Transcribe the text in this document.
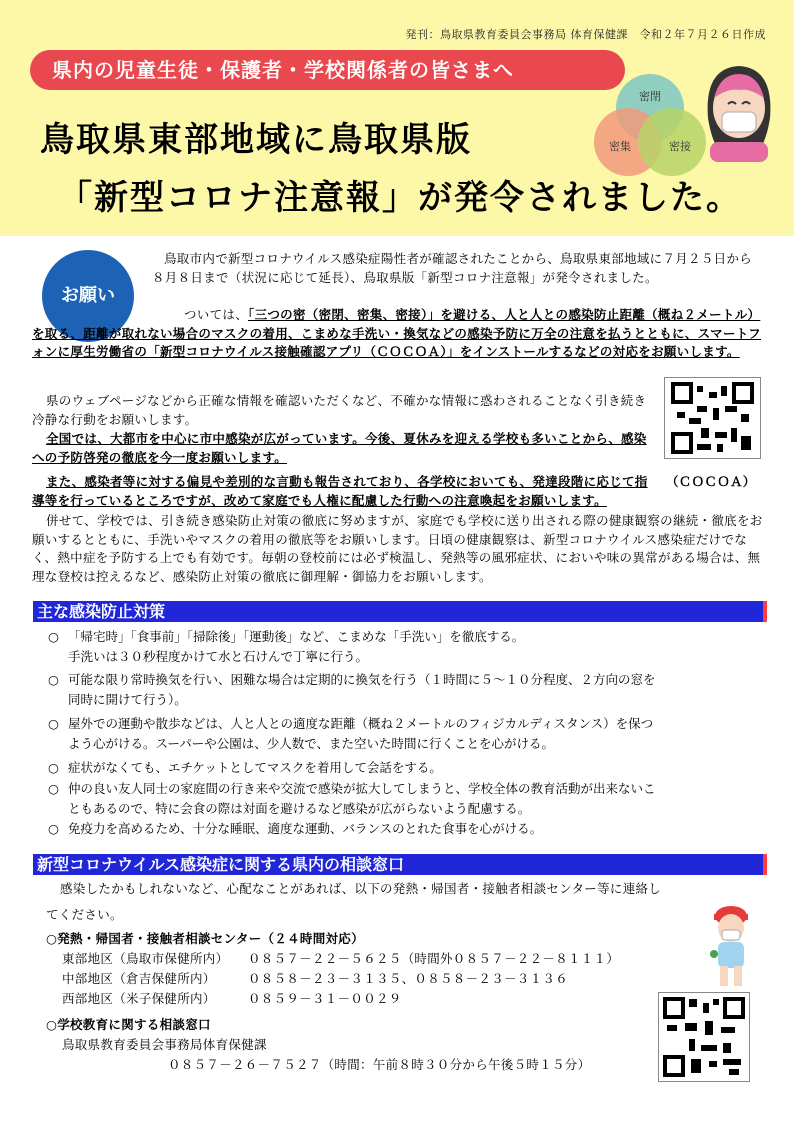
発刊：鳥取県教育委員会事務局 体育保健課　令和２年７月２６日作成
県内の児童生徒・保護者・学校関係者の皆さまへ
鳥取県東部地域に鳥取県版
「新型コロナ注意報」が発令されました。
密閉
密集	密接
お願い
鳥取市内で新型コロナウイルス感染症陽性者が確認されたことから、鳥取県東部地域に７月２５日から８月８日まで（状況に応じて延長）、鳥取県版「新型コロナ注意報」が発令されました。
ついては、「三つの密（密閉、密集、密接）」を避ける、人と人との感染防止距離（概ね２メートル）を取る、距離が取れない場合のマスクの着用、こまめな手洗い・換気などの感染予防に万全の注意を払うとともに、スマートフォンに厚生労働省の「新型コロナウイルス接触確認アプリ（ＣＯＣＯＡ）」をインストールするなどの対応をお願いします。
県のウェブページなどから正確な情報を確認いただくなど、不確かな情報に惑わされることなく引き続き冷静な行動をお願いします。
全国では、大都市を中心に市中感染が広がっています。今後、夏休みを迎える学校も多いことから、感染への予防啓発の徹底を今一度お願いします。
（ＣＯＣＯＡ）
また、感染者等に対する偏見や差別的な言動も報告されており、各学校においても、発達段階に応じて指導等を行っているところですが、改めて家庭でも人権に配慮した行動への注意喚起をお願いします。
併せて、学校では、引き続き感染防止対策の徹底に努めますが、家庭でも学校に送り出される際の健康観察の継続・徹底をお願いするとともに、手洗いやマスクの着用の徹底等をお願いします。日頃の健康観察は、新型コロナウイルス感染症だけでなく、熱中症を予防する上でも有効です。毎朝の登校前には必ず検温し、発熱等の風邪症状、においや味の異常がある場合は、無理な登校は控えるなど、感染防止対策の徹底に御理解・御協力をお願いします。
主な感染防止対策
○ 「帰宅時」「食事前」「掃除後」「運動後」など、こまめな「手洗い」を徹底する。
手洗いは３０秒程度かけて水と石けんで丁寧に行う。
○ 可能な限り常時換気を行い、困難な場合は定期的に換気を行う（１時間に５～１０分程度、２方向の窓を
同時に開けて行う）。
○ 屋外での運動や散歩などは、人と人との適度な距離（概ね２メートルのフィジカルディスタンス）を保つ
よう心がける。スーパーや公園は、少人数で、また空いた時間に行くことを心がける。
○ 症状がなくても、エチケットとしてマスクを着用して会話をする。
○ 仲の良い友人同士の家庭間の行き来や交流で感染が拡大してしまうと、学校全体の教育活動が出来ないこ
ともあるので、特に会食の際は対面を避けるなど感染が広がらないよう配慮する。
○ 免疫力を高めるため、十分な睡眠、適度な運動、バランスのとれた食事を心がける。
新型コロナウイルス感染症に関する県内の相談窓口
感染したかもしれないなど、心配なことがあれば、以下の発熱・帰国者・接触者相談センター等に連絡し
てください。
○発熱・帰国者・接触者相談センター（２４時間対応）
東部地区（鳥取市保健所内） ０８５７－２２－５６２５（時間外０８５７－２２－８１１１）
中部地区（倉吉保健所内）	０８５８－２３－３１３５、０８５８－２３－３１３６
西部地区（米子保健所内）	０８５９－３１－００２９
○学校教育に関する相談窓口
鳥取県教育委員会事務局体育保健課
０８５７－２６－７５２７（時間：午前８時３０分から午後５時１５分）
